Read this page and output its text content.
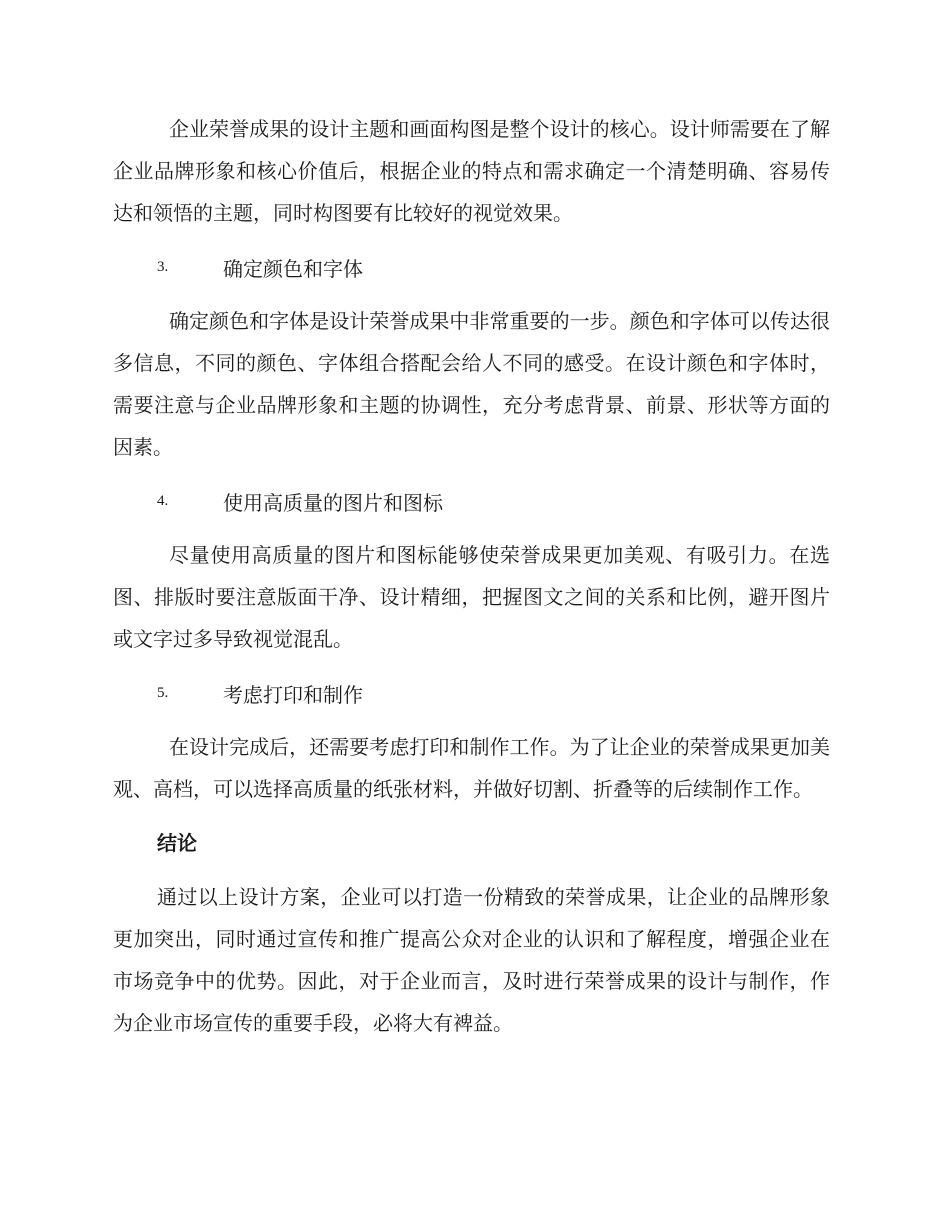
企业荣誉成果的设计主题和画面构图是整个设计的核心。设计师需要在了解企业品牌形象和核心价值后，根据企业的特点和需求确定一个清楚明确、容易传达和领悟的主题，同时构图要有比较好的视觉效果。

3.	确定颜色和字体

确定颜色和字体是设计荣誉成果中非常重要的一步。颜色和字体可以传达很多信息，不同的颜色、字体组合搭配会给人不同的感受。在设计颜色和字体时，需要注意与企业品牌形象和主题的协调性，充分考虑背景、前景、形状等方面的因素。

4.	使用高质量的图片和图标

尽量使用高质量的图片和图标能够使荣誉成果更加美观、有吸引力。在选图、排版时要注意版面干净、设计精细，把握图文之间的关系和比例，避开图片或文字过多导致视觉混乱。

5.	考虑打印和制作

在设计完成后，还需要考虑打印和制作工作。为了让企业的荣誉成果更加美观、高档，可以选择高质量的纸张材料，并做好切割、折叠等的后续制作工作。

结论

通过以上设计方案，企业可以打造一份精致的荣誉成果，让企业的品牌形象更加突出，同时通过宣传和推广提高公众对企业的认识和了解程度，增强企业在市场竞争中的优势。因此，对于企业而言，及时进行荣誉成果的设计与制作，作为企业市场宣传的重要手段，必将大有裨益。
